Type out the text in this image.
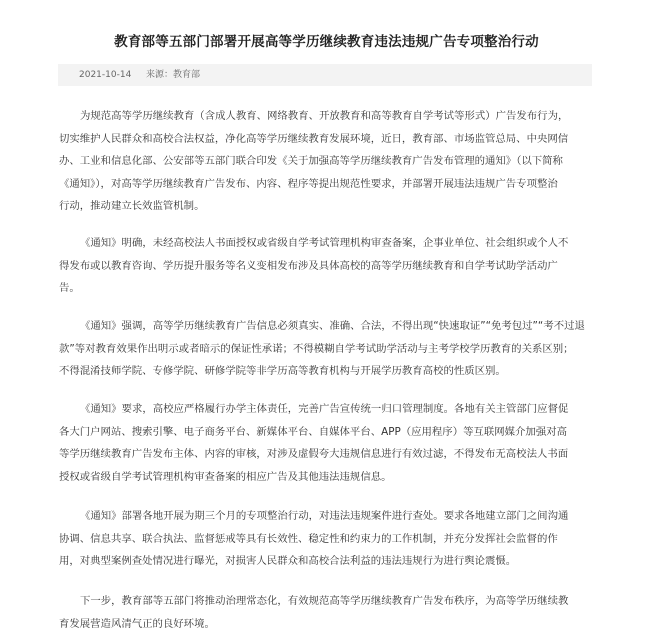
教育部等五部门部署开展高等学历继续教育违法违规广告专项整治行动
2021-10-14 来源：教育部
为规范高等学历继续教育（含成人教育、网络教育、开放教育和高等教育自学考试等形式）广告发布行为，
切实维护人民群众和高校合法权益，净化高等学历继续教育发展环境，近日，教育部、市场监管总局、中央网信
办、工业和信息化部、公安部等五部门联合印发《关于加强高等学历继续教育广告发布管理的通知》（以下简称
《通知》），对高等学历继续教育广告发布、内容、程序等提出规范性要求，并部署开展违法违规广告专项整治
行动，推动建立长效监管机制。
《通知》明确，未经高校法人书面授权或省级自学考试管理机构审查备案，企事业单位、社会组织或个人不
得发布或以教育咨询、学历提升服务等名义变相发布涉及具体高校的高等学历继续教育和自学考试助学活动广
告。
《通知》强调，高等学历继续教育广告信息必须真实、准确、合法，不得出现“快速取证”“免考包过”“考不过退
款”等对教育效果作出明示或者暗示的保证性承诺；不得模糊自学考试助学活动与主考学校学历教育的关系区别；
不得混淆技师学院、专修学院、研修学院等非学历高等教育机构与开展学历教育高校的性质区别。
《通知》要求，高校应严格履行办学主体责任，完善广告宣传统一归口管理制度。各地有关主管部门应督促
各大门户网站、搜索引擎、电子商务平台、新媒体平台、自媒体平台、APP（应用程序）等互联网媒介加强对高
等学历继续教育广告发布主体、内容的审核，对涉及虚假夸大违规信息进行有效过滤，不得发布无高校法人书面
授权或省级自学考试管理机构审查备案的相应广告及其他违法违规信息。
《通知》部署各地开展为期三个月的专项整治行动，对违法违规案件进行查处。要求各地建立部门之间沟通
协调、信息共享、联合执法、监督惩戒等具有长效性、稳定性和约束力的工作机制，并充分发挥社会监督的作
用，对典型案例查处情况进行曝光，对损害人民群众和高校合法利益的违法违规行为进行舆论震慑。
下一步，教育部等五部门将推动治理常态化，有效规范高等学历继续教育广告发布秩序，为高等学历继续教
育发展营造风清气正的良好环境。
